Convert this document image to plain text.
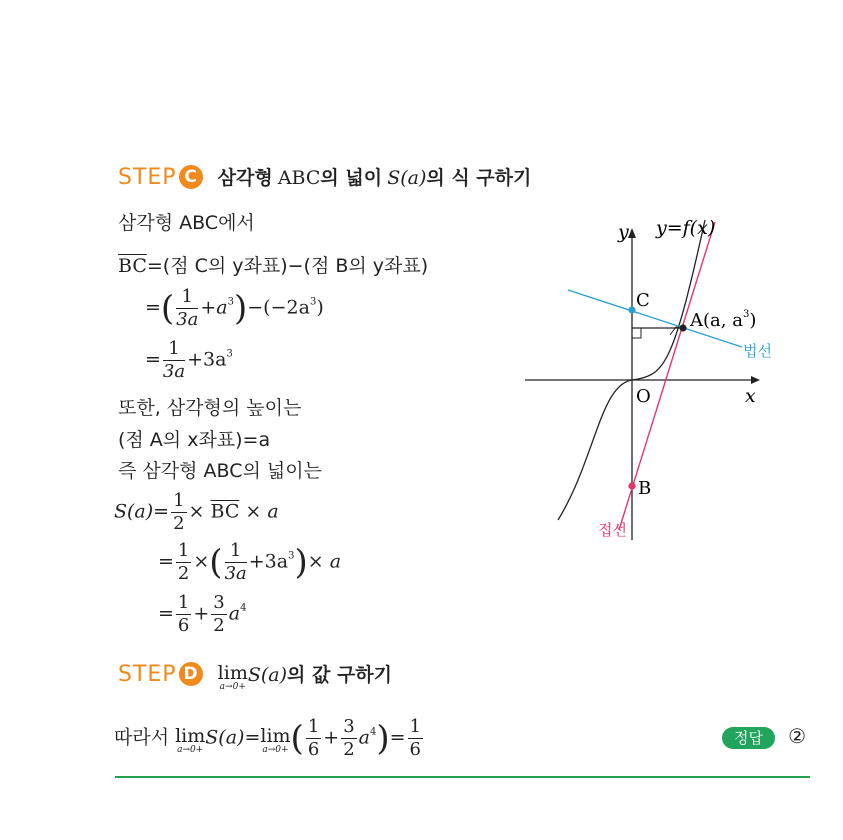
STEP C 삼각형 ABC의 넓이 S(a)의 식 구하기
삼각형 ABC에서
$\overline{BC}=$(점 C의 y좌표)−(점 B의 y좌표)
=( $\frac{1}{3a} +a^3)-(-2a^3)$
= $\frac{1}{3a} +3a^3$
또한, 삼각형의 높이는
(점 A의 x좌표)=a
즉 삼각형 ABC의 넓이는
$S(a)= \frac{1}{2} \times \overline{BC} \times a$
= $\frac{1}{2}$ ×( $\frac{1}{3a} +3a^3)\times a$
= $\frac{1}{6} + \frac{3}{2} a^4$
STEP D lim
a→0+
S(a)의 값 구하기
따라서 lim
a→0+
S(a)= lim
a→0+ ( $\frac{1}{6} + \frac{3}{2} a^4)= \frac{1}{6}$	정답 ②
y y=f(x)
x
O
C
B
A(a, $a^3$)
법선
접선
